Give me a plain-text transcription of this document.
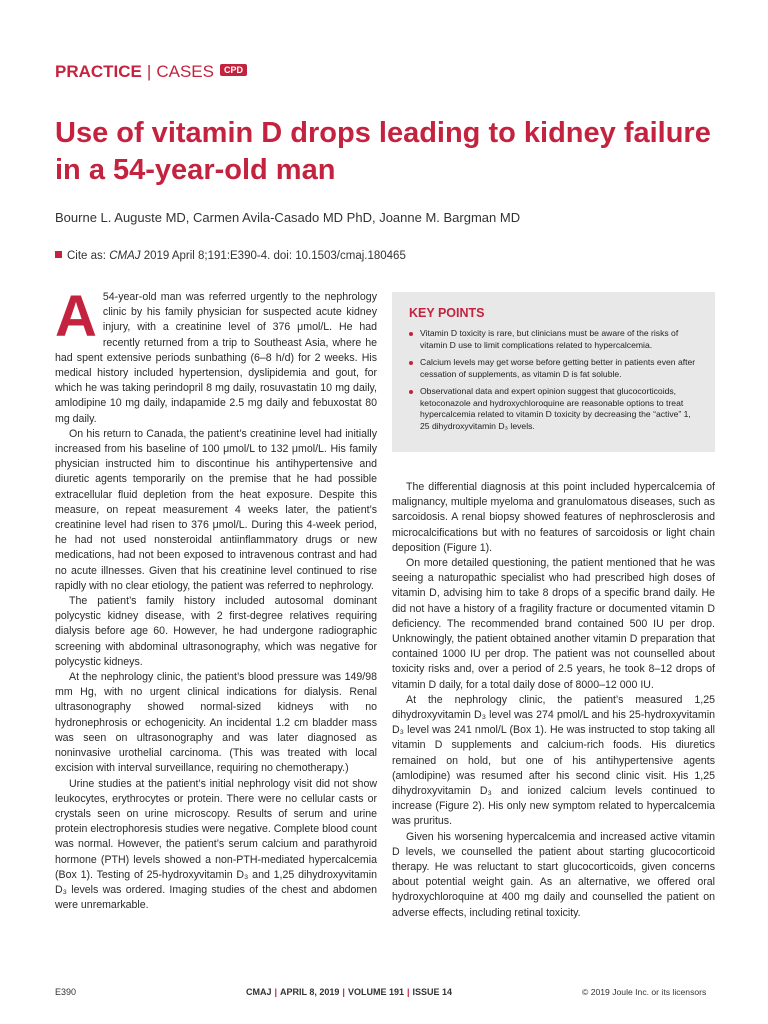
PRACTICE | CASES CPD
Use of vitamin D drops leading to kidney failure in a 54-year-old man
Bourne L. Auguste MD, Carmen Avila-Casado MD PhD, Joanne M. Bargman MD
Cite as: CMAJ 2019 April 8;191:E390-4. doi: 10.1503/cmaj.180465

A 54-year-old man was referred urgently to the nephrology clinic by his family physician for suspected acute kidney injury, with a creatinine level of 376 μmol/L. He had recently returned from a trip to Southeast Asia, where he had spent extensive periods sunbathing (6–8 h/d) for 2 weeks. His medical history included hypertension, dyslipidemia and gout, for which he was taking perindopril 8 mg daily, rosuvastatin 10 mg daily, amlodipine 10 mg daily, indapamide 2.5 mg daily and febuxostat 80 mg daily.

On his return to Canada, the patient’s creatinine level had initially increased from his baseline of 100 μmol/L to 132 μmol/L. His family physician instructed him to discontinue his antihypertensive and diuretic agents temporarily on the premise that he had possible extracellular fluid depletion from the heat exposure. Despite this measure, on repeat measurement 4 weeks later, the patient’s creatinine level had risen to 376 μmol/L. During this 4-week period, he had not used nonsteroidal antiinflammatory drugs or new medications, had not been exposed to intravenous contrast and had no acute illnesses. Given that his creatinine level continued to rise rapidly with no clear etiology, the patient was referred to nephrology.

The patient’s family history included autosomal dominant polycystic kidney disease, with 2 first-degree relatives requiring dialysis before age 60. However, he had undergone radiographic screening with abdominal ultrasonography, which was negative for polycystic kidneys.

At the nephrology clinic, the patient’s blood pressure was 149/98 mm Hg, with no urgent clinical indications for dialysis. Renal ultrasonography showed normal-sized kidneys with no hydronephrosis or echogenicity. An incidental 1.2 cm bladder mass was seen on ultrasonography and was later diagnosed as noninvasive urothelial carcinoma. (This was treated with local excision with interval surveillance, requiring no chemotherapy.)

Urine studies at the patient’s initial nephrology visit did not show leukocytes, erythrocytes or protein. There were no cellular casts or crystals seen on urine microscopy. Results of serum and urine protein electrophoresis studies were negative. Complete blood count was normal. However, the patient’s serum calcium and parathyroid hormone (PTH) levels showed a non-PTH-mediated hypercalcemia (Box 1). Testing of 25-hydroxyvitamin D₃ and 1,25 dihydroxyvitamin D₃ levels was ordered. Imaging studies of the chest and abdomen were unremarkable.

KEY POINTS
Vitamin D toxicity is rare, but clinicians must be aware of the risks of vitamin D use to limit complications related to hypercalcemia.
Calcium levels may get worse before getting better in patients even after cessation of supplements, as vitamin D is fat soluble.
Observational data and expert opinion suggest that glucocorticoids, ketoconazole and hydroxychloroquine are reasonable options to treat hypercalcemia related to vitamin D toxicity by decreasing the “active” 1, 25 dihydroxyvitamin D₃ levels.

The differential diagnosis at this point included hypercalcemia of malignancy, multiple myeloma and granulomatous diseases, such as sarcoidosis. A renal biopsy showed features of nephrosclerosis and microcalcifications but with no features of sarcoidosis or light chain deposition (Figure 1).

On more detailed questioning, the patient mentioned that he was seeing a naturopathic specialist who had prescribed high doses of vitamin D, advising him to take 8 drops of a specific brand daily. He did not have a history of a fragility fracture or documented vitamin D deficiency. The recommended brand contained 500 IU per drop. Unknowingly, the patient obtained another vitamin D preparation that contained 1000 IU per drop. The patient was not counselled about toxicity risks and, over a period of 2.5 years, he took 8–12 drops of vitamin D daily, for a total daily dose of 8000–12 000 IU.

At the nephrology clinic, the patient’s measured 1,25 dihydroxyvitamin D₃ level was 274 pmol/L and his 25-hydroxyvitamin D₃ level was 241 nmol/L (Box 1). He was instructed to stop taking all vitamin D supplements and calcium-rich foods. His diuretics remained on hold, but one of his antihypertensive agents (amlodipine) was resumed after his second clinic visit. His 1,25 dihydroxyvitamin D₃ and ionized calcium levels continued to increase (Figure 2). His only new symptom related to hypercalcemia was pruritus.

Given his worsening hypercalcemia and increased active vitamin D levels, we counselled the patient about starting glucocorticoid therapy. He was reluctant to start glucocorticoids, given concerns about potential weight gain. As an alternative, we offered oral hydroxychloroquine at 400 mg daily and counselled the patient on adverse effects, including retinal toxicity.

E390	CMAJ | APRIL 8, 2019 | VOLUME 191 | ISSUE 14	© 2019 Joule Inc. or its licensors
